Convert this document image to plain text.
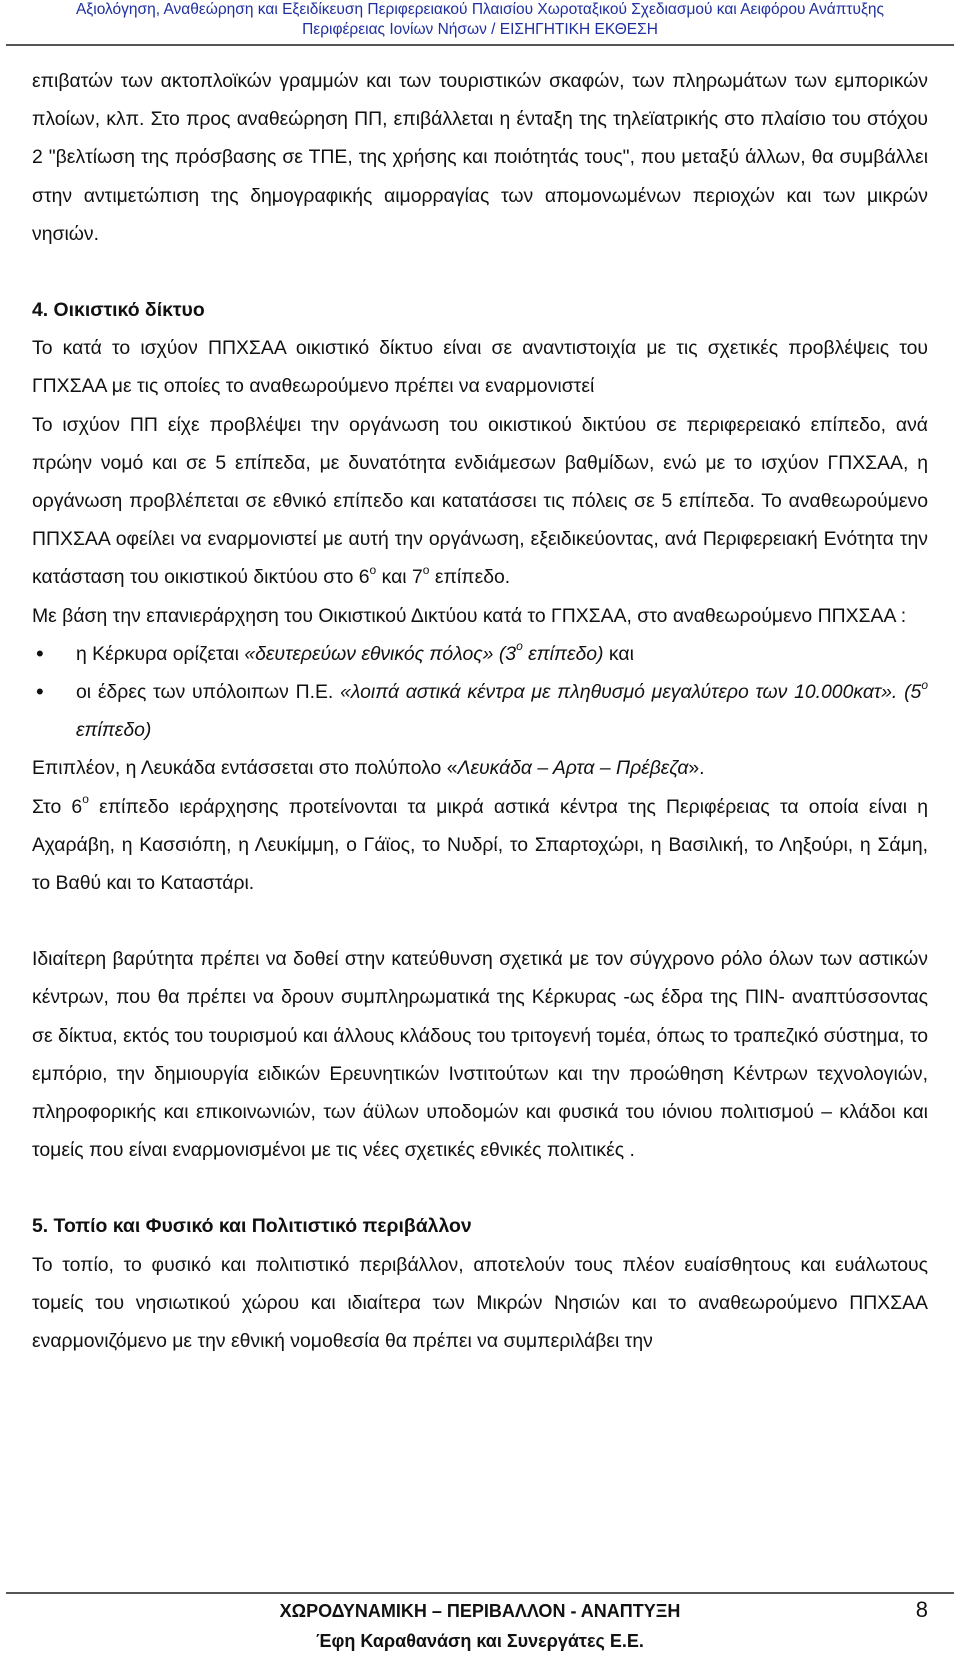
Αξιολόγηση, Αναθεώρηση και Εξειδίκευση Περιφερειακού Πλαισίου Χωροταξικού Σχεδιασμού και Αειφόρου Ανάπτυξης
Περιφέρειας Ιονίων Νήσων / ΕΙΣΗΓΗΤΙΚΗ ΕΚΘΕΣΗ

επιβατών των ακτοπλοϊκών γραμμών και των τουριστικών σκαφών, των πληρωμάτων των εμπορικών πλοίων, κλπ. Στο προς αναθεώρηση ΠΠ, επιβάλλεται η ένταξη της τηλεϊατρικής στο πλαίσιο του στόχου 2 "βελτίωση της πρόσβασης σε ΤΠΕ, της χρήσης και ποιότητάς τους", που μεταξύ άλλων, θα συμβάλλει στην αντιμετώπιση της δημογραφικής αιμορραγίας των απομονωμένων περιοχών και των μικρών νησιών.

4. Οικιστικό δίκτυο

Το κατά το ισχύον ΠΠΧΣΑΑ οικιστικό δίκτυο είναι σε αναντιστοιχία με τις σχετικές προβλέψεις του ΓΠΧΣΑΑ με τις οποίες το αναθεωρούμενο πρέπει να εναρμονιστεί

Το ισχύον ΠΠ είχε προβλέψει την οργάνωση του οικιστικού δικτύου σε περιφερειακό επίπεδο, ανά πρώην νομό και σε 5 επίπεδα, με δυνατότητα ενδιάμεσων βαθμίδων, ενώ με το ισχύον ΓΠΧΣΑΑ, η οργάνωση προβλέπεται σε εθνικό επίπεδο και κατατάσσει τις πόλεις σε 5 επίπεδα. Το αναθεωρούμενο ΠΠΧΣΑΑ οφείλει να εναρμονιστεί με αυτή την οργάνωση, εξειδικεύοντας, ανά Περιφερειακή Ενότητα την κατάσταση του οικιστικού δικτύου στο $6^o$ και $7^o$ επίπεδο.

Με βάση την επανιεράρχηση του Οικιστικού Δικτύου κατά το ΓΠΧΣΑΑ, στο αναθεωρούμενο ΠΠΧΣΑΑ :

• η Κέρκυρα ορίζεται «δευτερεύων εθνικός πόλος» ($3^o$ επίπεδο) και
• οι έδρες των υπόλοιπων Π.Ε. «λοιπά αστικά κέντρα με πληθυσμό μεγαλύτερο των 10.000κατ». ($5^o$ επίπεδο)

Επιπλέον, η Λευκάδα εντάσσεται στο πολύπολο «Λευκάδα – Αρτα – Πρέβεζα».

Στο $6^o$ επίπεδο ιεράρχησης προτείνονται τα μικρά αστικά κέντρα της Περιφέρειας τα οποία είναι η Αχαράβη, η Κασσιόπη, η Λευκίμμη, ο Γάϊος, το Νυδρί, το Σπαρτοχώρι, η Βασιλική, το Ληξούρι, η Σάμη, το Βαθύ και το Καταστάρι.

Ιδιαίτερη βαρύτητα πρέπει να δοθεί στην κατεύθυνση σχετικά με τον σύγχρονο ρόλο όλων των αστικών κέντρων, που θα πρέπει να δρουν συμπληρωματικά της Κέρκυρας -ως έδρα της ΠΙΝ- αναπτύσσοντας σε δίκτυα, εκτός του τουρισμού και άλλους κλάδους του τριτογενή τομέα, όπως το τραπεζικό σύστημα, το εμπόριο, την δημιουργία ειδικών Ερευνητικών Ινστιτούτων και την προώθηση Κέντρων τεχνολογιών, πληροφορικής και επικοινωνιών, των άϋλων υποδομών και φυσικά του ιόνιου πολιτισμού – κλάδοι και τομείς που είναι εναρμονισμένοι με τις νέες σχετικές εθνικές πολιτικές .

5. Τοπίο και Φυσικό και Πολιτιστικό περιβάλλον

Το τοπίο, το φυσικό και πολιτιστικό περιβάλλον, αποτελούν τους πλέον ευαίσθητους και ευάλωτους τομείς του νησιωτικού χώρου και ιδιαίτερα των Μικρών Νησιών και το αναθεωρούμενο ΠΠΧΣΑΑ εναρμονιζόμενο με την εθνική νομοθεσία θα πρέπει να συμπεριλάβει την

ΧΩΡΟΔΥΝΑΜΙΚΗ – ΠΕΡΙΒΑΛΛΟΝ - ΑΝΑΠΤΥΞΗ
Έφη Καραθανάση και Συνεργάτες Ε.Ε.
8
